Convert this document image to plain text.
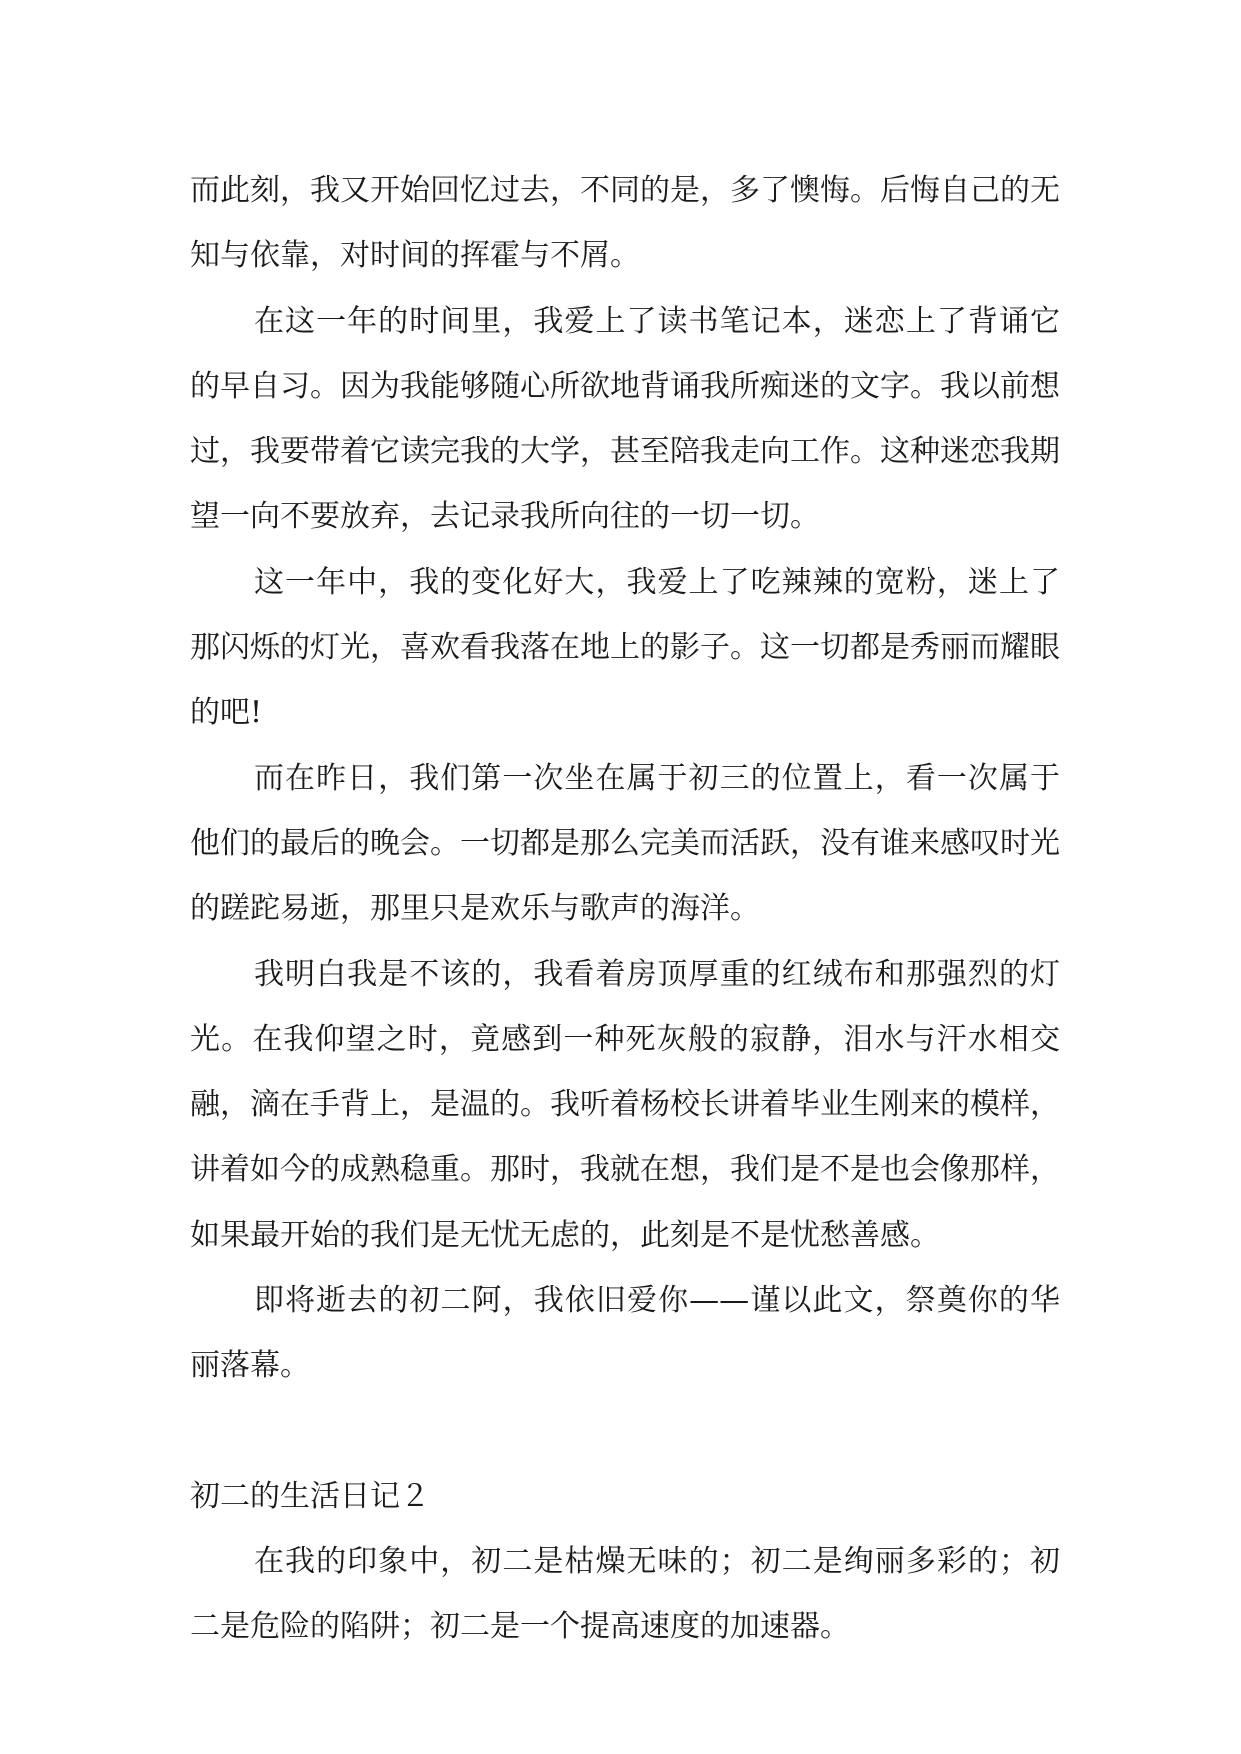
而此刻，我又开始回忆过去，不同的是，多了懊悔。后悔自己的无知与依靠，对时间的挥霍与不屑。

在这一年的时间里，我爱上了读书笔记本，迷恋上了背诵它的早自习。因为我能够随心所欲地背诵我所痴迷的文字。我以前想过，我要带着它读完我的大学，甚至陪我走向工作。这种迷恋我期望一向不要放弃，去记录我所向往的一切一切。

这一年中，我的变化好大，我爱上了吃辣辣的宽粉，迷上了那闪烁的灯光，喜欢看我落在地上的影子。这一切都是秀丽而耀眼的吧!

而在昨日，我们第一次坐在属于初三的位置上，看一次属于他们的最后的晚会。一切都是那么完美而活跃，没有谁来感叹时光的蹉跎易逝，那里只是欢乐与歌声的海洋。

我明白我是不该的，我看着房顶厚重的红绒布和那强烈的灯光。在我仰望之时，竟感到一种死灰般的寂静，泪水与汗水相交融，滴在手背上，是温的。我听着杨校长讲着毕业生刚来的模样，讲着如今的成熟稳重。那时，我就在想，我们是不是也会像那样，如果最开始的我们是无忧无虑的，此刻是不是忧愁善感。

即将逝去的初二阿，我依旧爱你——谨以此文，祭奠你的华丽落幕。

初二的生活日记２

在我的印象中，初二是枯燥无味的；初二是绚丽多彩的；初二是危险的陷阱；初二是一个提高速度的加速器。
